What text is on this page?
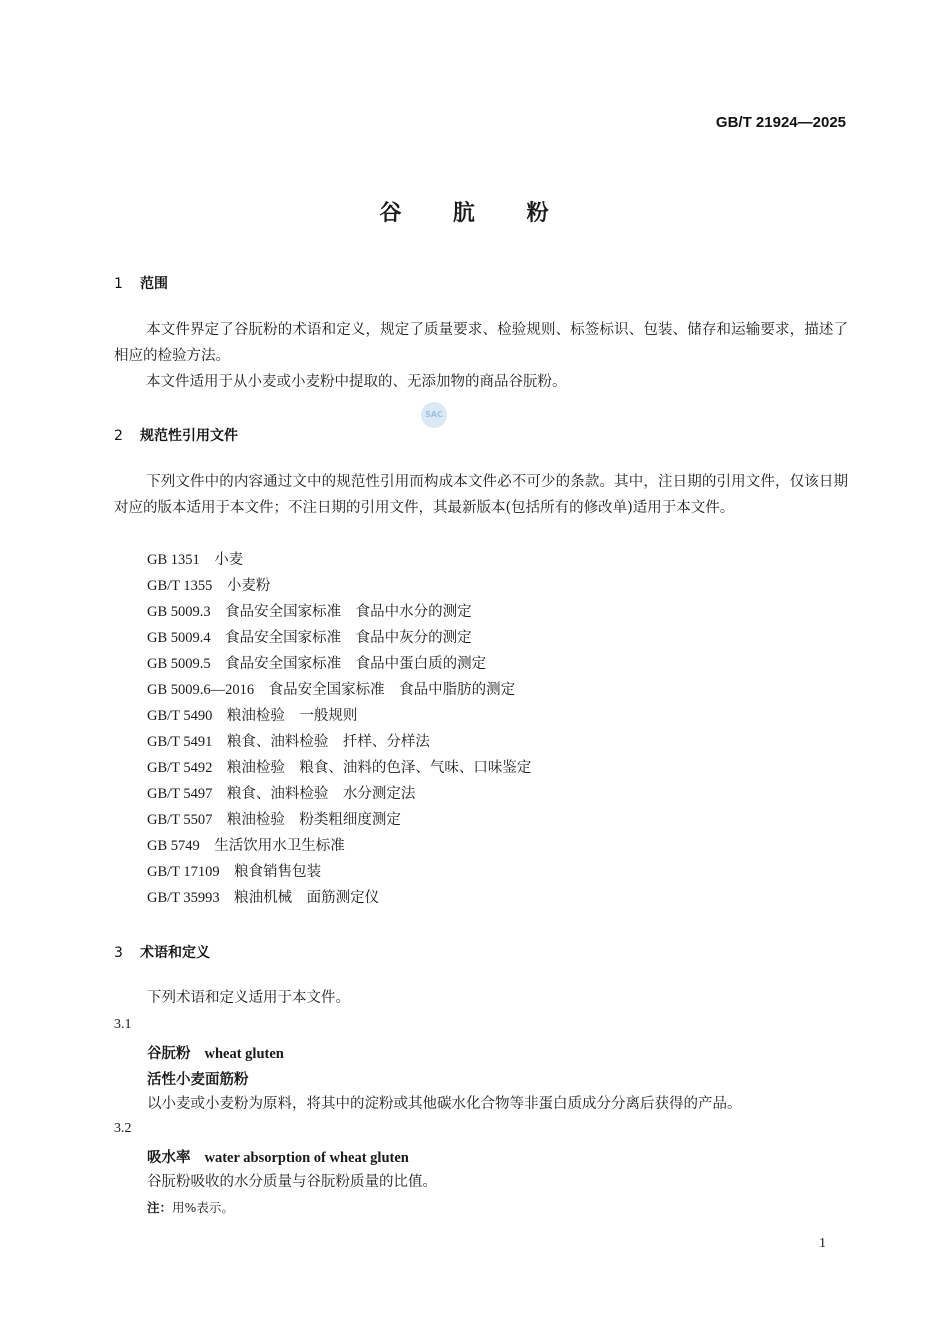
GB/T 21924—2025
谷 肮 粉
1 范围
本文件界定了谷朊粉的术语和定义，规定了质量要求、检验规则、标签标识、包装、储存和运输要求，描述了相应的检验方法。
本文件适用于从小麦或小麦粉中提取的、无添加物的商品谷朊粉。
SAC
2 规范性引用文件
下列文件中的内容通过文中的规范性引用而构成本文件必不可少的条款。其中，注日期的引用文件，仅该日期对应的版本适用于本文件；不注日期的引用文件，其最新版本(包括所有的修改单)适用于本文件。
GB 1351　 小麦
GB/T 1355　 小麦粉
GB 5009.3　 食品安全国家标准　食品中水分的测定
GB 5009.4　 食品安全国家标准　食品中灰分的测定
GB 5009.5　 食品安全国家标准　食品中蛋白质的测定
GB 5009.6—2016　 食品安全国家标准　食品中脂肪的测定
GB/T 5490　 粮油检验　一般规则
GB/T 5491　 粮食、油料检验　扦样、分样法
GB/T 5492　 粮油检验　粮食、油料的色泽、气味、口味鉴定
GB/T 5497　 粮食、油料检验　水分测定法
GB/T 5507　 粮油检验　粉类粗细度测定
GB 5749　 生活饮用水卫生标准
GB/T 17109　 粮食销售包装
GB/T 35993　 粮油机械　面筋测定仪
3 术语和定义
下列术语和定义适用于本文件。
3.1
谷朊粉 wheat gluten
活性小麦面筋粉
以小麦或小麦粉为原料，将其中的淀粉或其他碳水化合物等非蛋白质成分分离后获得的产品。
3.2
吸水率 water absorption of wheat gluten
谷朊粉吸收的水分质量与谷朊粉质量的比值。
注：用%表示。
1
